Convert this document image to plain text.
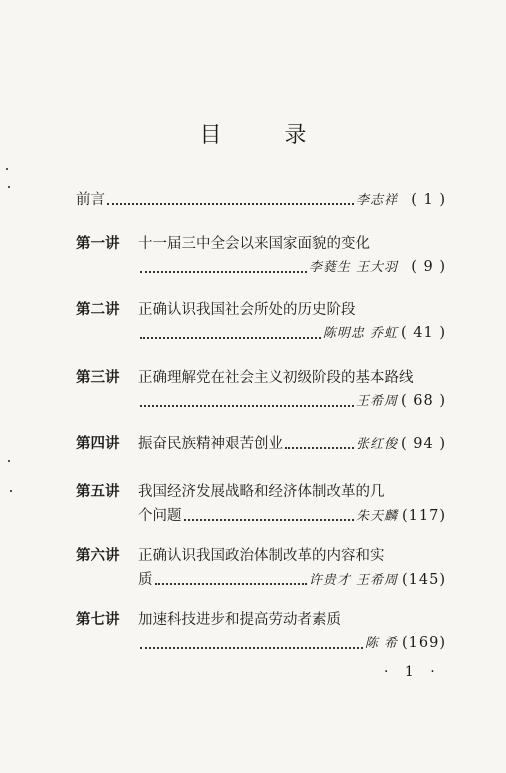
目 录
前言	李志祥 ( 1 )
第一讲	十一届三中全会以来国家面貌的变化
李蕤生 王大羽 ( 9 )
第二讲	正确认识我国社会所处的历史阶段
陈明忠 乔虹 ( 41 )
第三讲	正确理解党在社会主义初级阶段的基本路线
王希周 ( 68 )
第四讲	振奋民族精神艰苦创业	张红俊 ( 94 )
第五讲	我国经济发展战略和经济体制改革的几
个问题	朱天麟 (117)
第六讲	正确认识我国政治体制改革的内容和实
质	许贵才 王希周 (145)
第七讲	加速科技进步和提高劳动者素质
陈 希 (169)
· 1 ·
